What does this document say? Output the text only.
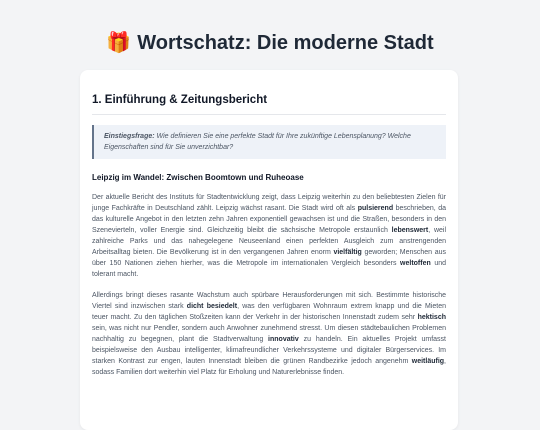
🎁 Wortschatz: Die moderne Stadt
1. Einführung & Zeitungsbericht
Einstiegsfrage: Wie definieren Sie eine perfekte Stadt für Ihre zukünftige Lebensplanung? Welche Eigenschaften sind für Sie unverzichtbar?
Leipzig im Wandel: Zwischen Boomtown und Ruheoase

Der aktuelle Bericht des Instituts für Stadtentwicklung zeigt, dass Leipzig weiterhin zu den beliebtesten Zielen für junge Fachkräfte in Deutschland zählt. Leipzig wächst rasant. Die Stadt wird oft als pulsierend beschrieben, da das kulturelle Angebot in den letzten zehn Jahren exponentiell gewachsen ist und die Straßen, besonders in den Szenevierteln, voller Energie sind. Gleichzeitig bleibt die sächsische Metropole erstaunlich lebenswert, weil zahlreiche Parks und das nahegelegene Neuseenland einen perfekten Ausgleich zum anstrengenden Arbeitsalltag bieten. Die Bevölkerung ist in den vergangenen Jahren enorm vielfältig geworden; Menschen aus über 150 Nationen ziehen hierher, was die Metropole im internationalen Vergleich besonders weltoffen und tolerant macht.

Allerdings bringt dieses rasante Wachstum auch spürbare Herausforderungen mit sich. Bestimmte historische Viertel sind inzwischen stark dicht besiedelt, was den verfügbaren Wohnraum extrem knapp und die Mieten teuer macht. Zu den täglichen Stoßzeiten kann der Verkehr in der historischen Innenstadt zudem sehr hektisch sein, was nicht nur Pendler, sondern auch Anwohner zunehmend stresst. Um diesen städtebaulichen Problemen nachhaltig zu begegnen, plant die Stadtverwaltung innovativ zu handeln. Ein aktuelles Projekt umfasst beispielsweise den Ausbau intelligenter, klimafreundlicher Verkehrssysteme und digitaler Bürgerservices. Im starken Kontrast zur engen, lauten Innenstadt bleiben die grünen Randbezirke jedoch angenehm weitläufig, sodass Familien dort weiterhin viel Platz für Erholung und Naturerlebnisse finden.
